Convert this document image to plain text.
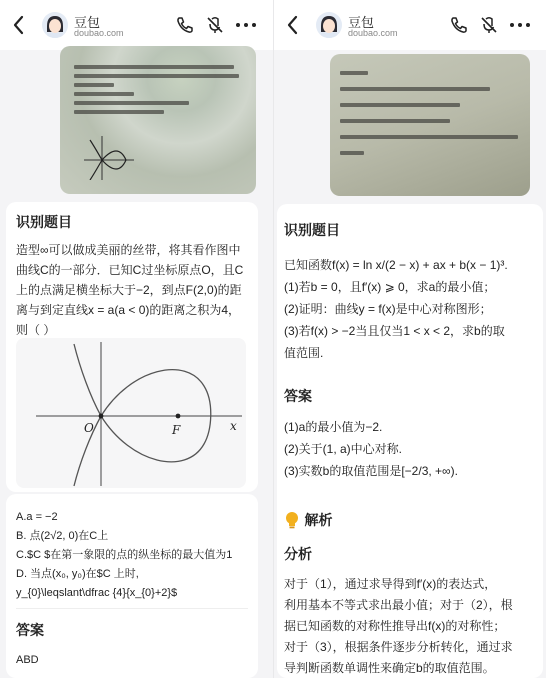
豆包
doubao.com
识别题目
造型∞可以做成美丽的丝带，将其看作图中
曲线C的一部分．已知C过坐标原点O，且C
上的点满足横坐标大于−2，到点F(2,0)的距
离与到定直线x = a(a < 0)的距离之积为4，
则（ ）
O	F	x
A.a = −2
B. 点(2√2, 0)在C上
C.$C $在第一象限的点的纵坐标的最大值为1
D. 当点(x₀, y₀)在$C 上时,
y_{0}\leqslant\dfrac {4}{x_{0}+2}$
答案
ABD
豆包
doubao.com
识别题目
已知函数f(x) = ln x/(2 − x) + ax + b(x − 1)³.
(1)若b = 0，且f′(x) ⩾ 0，求a的最小值；
(2)证明：曲线y = f(x)是中心对称图形；
(3)若f(x) > −2当且仅当1 < x < 2，求b的取
值范围.
答案
(1)a的最小值为−2.
(2)关于(1, a)中心对称.
(3)实数b的取值范围是[−2/3, +∞).
解析
分析
对于（1），通过求导得到f′(x)的表达式，
利用基本不等式求出最小值；对于（2），根
据已知函数的对称性推导出f(x)的对称性；
对于（3），根据条件逐步分析转化，通过求
导判断函数单调性来确定b的取值范围。
